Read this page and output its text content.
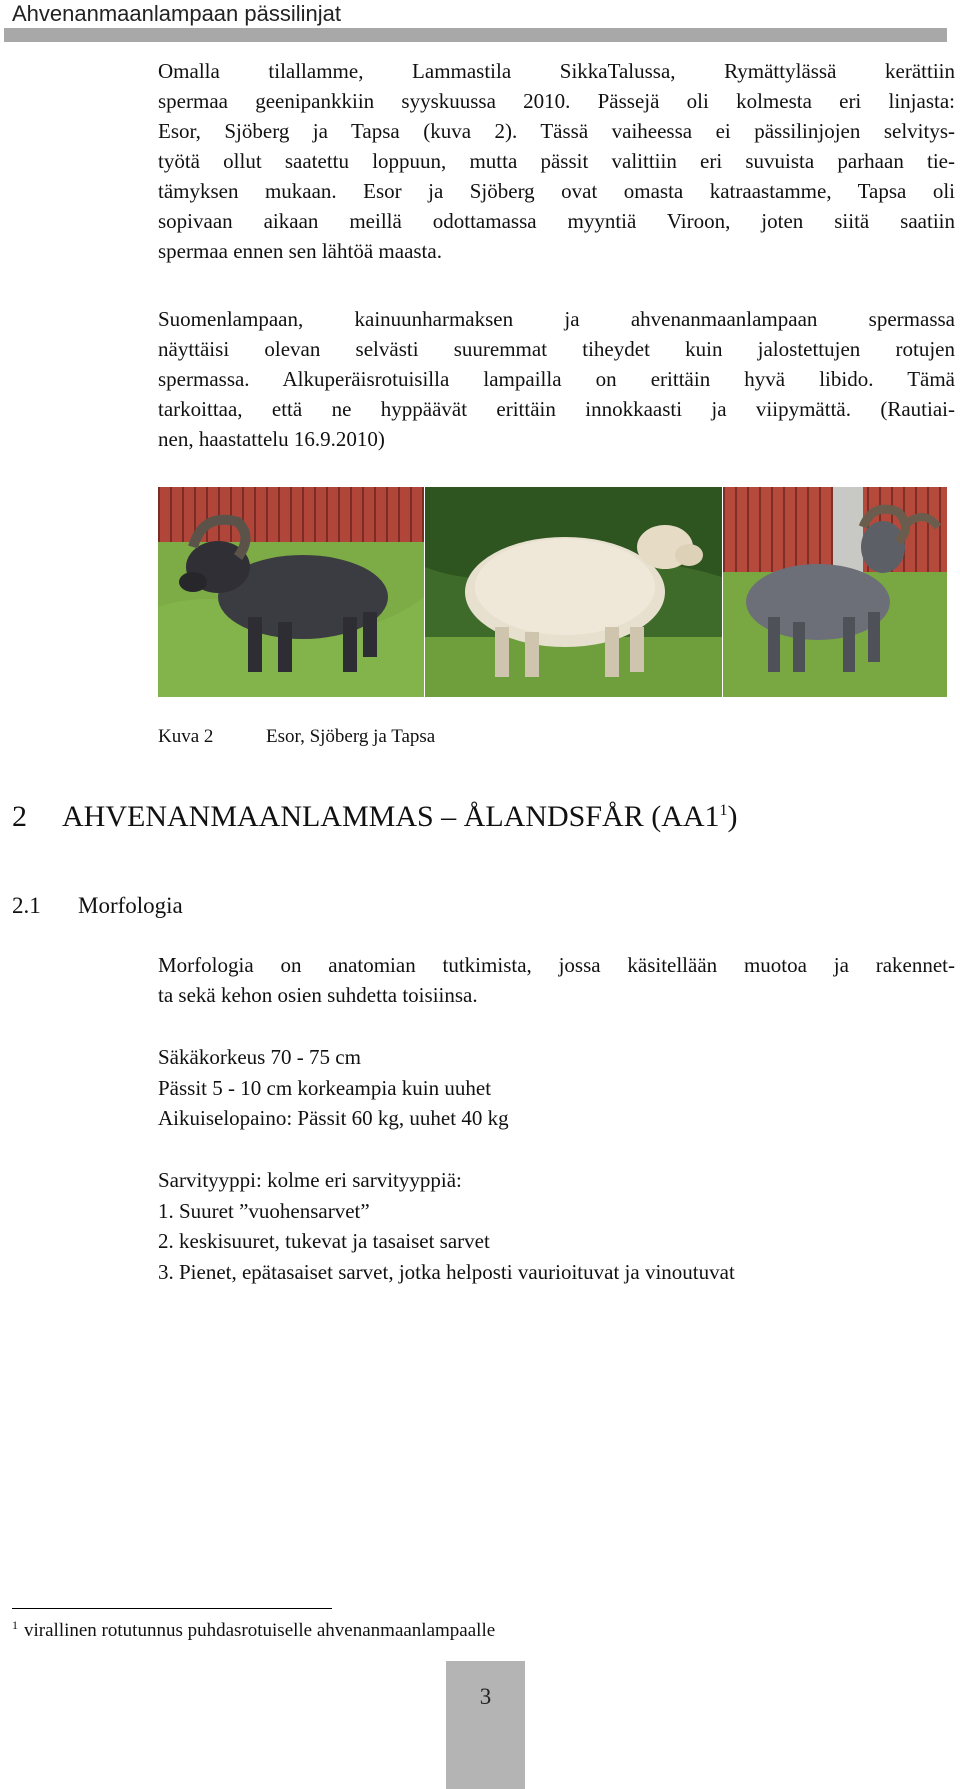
Ahvenanmaanlampaan pässilinjat
Omalla tilallamme, Lammastila SikkaTalussa, Rymättylässä kerättiin
spermaa geenipankkiin syyskuussa 2010. Pässejä oli kolmesta eri linjasta:
Esor, Sjöberg ja Tapsa (kuva 2). Tässä vaiheessa ei pässilinjojen selvitys-
työtä ollut saatettu loppuun, mutta pässit valittiin eri suvuista parhaan tie-
tämyksen mukaan. Esor ja Sjöberg ovat omasta katraastamme, Tapsa oli
sopivaan aikaan meillä odottamassa myyntiä Viroon, joten siitä saatiin
spermaa ennen sen lähtöä maasta.
Suomenlampaan, kainuunharmaksen ja ahvenanmaanlampaan spermassa
näyttäisi olevan selvästi suuremmat tiheydet kuin jalostettujen rotujen
spermassa. Alkuperäisrotuisilla lampailla on erittäin hyvä libido. Tämä
tarkoittaa, että ne hyppäävät erittäin innokkaasti ja viipymättä. (Rautiai-
nen, haastattelu 16.9.2010)
Kuva 2	Esor, Sjöberg ja Tapsa
2 AHVENANMAANLAMMAS – ÅLANDSFÅR $(AA1^1)$
2.1 Morfologia
Morfologia on anatomian tutkimista, jossa käsitellään muotoa ja rakennet-
ta sekä kehon osien suhdetta toisiinsa.
Säkäkorkeus 70 - 75 cm
Pässit 5 - 10 cm korkeampia kuin uuhet
Aikuiselopaino: Pässit 60 kg, uuhet 40 kg
Sarvityyppi: kolme eri sarvityyppiä:
1. Suuret ”vuohensarvet”
2. keskisuuret, tukevat ja tasaiset sarvet
3. Pienet, epätasaiset sarvet, jotka helposti vaurioituvat ja vinoutuvat
$^1$ virallinen rotutunnus puhdasrotuiselle ahvenanmaanlampaalle
3
